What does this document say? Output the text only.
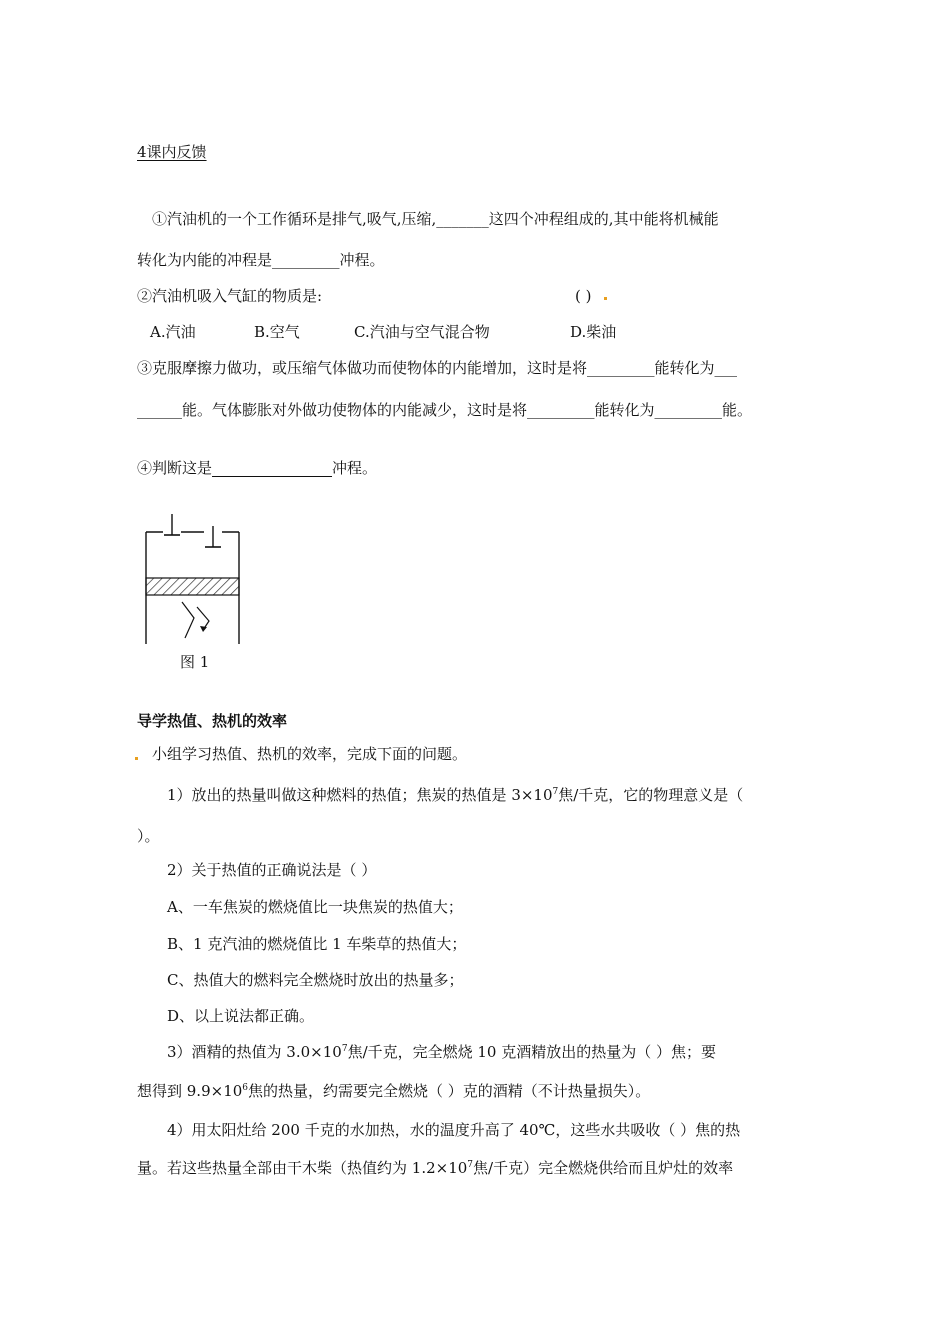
4课内反馈
①汽油机的一个工作循环是排气,吸气,压缩,_______这四个冲程组成的,其中能将机械能
转化为内能的冲程是_________冲程。
②汽油机吸入气缸的物质是:	( )
A.汽油	B.空气	C.汽油与空气混合物	D.柴油
③克服摩擦力做功，或压缩气体做功而使物体的内能增加，这时是将_________能转化为___
______能。气体膨胀对外做功使物体的内能减少，这时是将_________能转化为_________能。
④判断这是________________冲程。
图 1
导学热值、热机的效率
小组学习热值、热机的效率，完成下面的问题。
1）放出的热量叫做这种燃料的热值；焦炭的热值是 $3\times 10^7$焦/千克，它的物理意义是（
）。
2）关于热值的正确说法是（ ）
A、一车焦炭的燃烧值比一块焦炭的热值大；
B、1 克汽油的燃烧值比 1 车柴草的热值大；
C、热值大的燃料完全燃烧时放出的热量多；
D、以上说法都正确。
3）酒精的热值为 $3.0\times 10^7$焦/千克，完全燃烧 10 克酒精放出的热量为（ ）焦；要
想得到 $9.9\times 10^6$焦的热量，约需要完全燃烧（ ）克的酒精（不计热量损失）。
4）用太阳灶给 200 千克的水加热，水的温度升高了 40℃，这些水共吸收（ ）焦的热
量。若这些热量全部由干木柴（热值约为 $1.2\times 10^7$焦/千克）完全燃烧供给而且炉灶的效率
